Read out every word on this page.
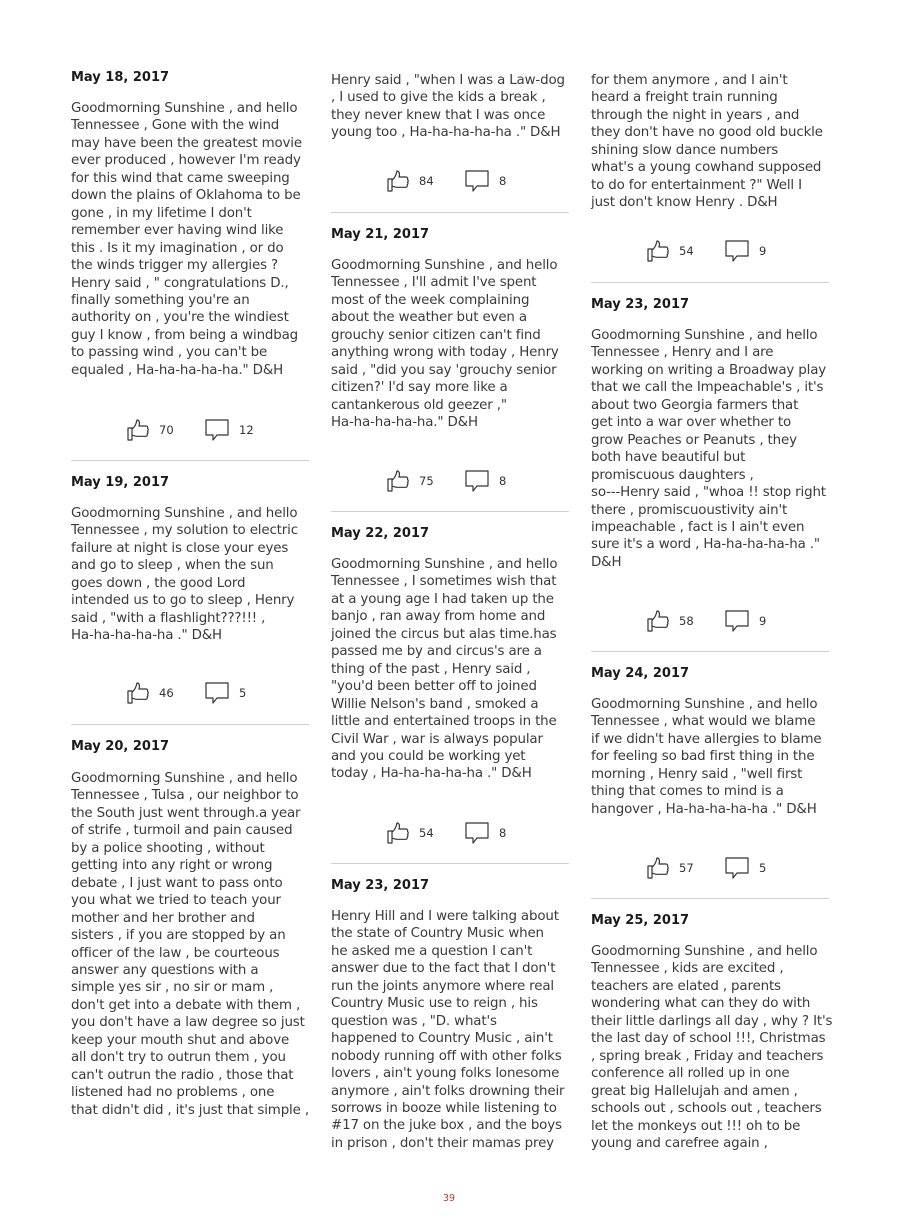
May 18, 2017
Goodmorning Sunshine , and hello
Tennessee , Gone with the wind
may have been the greatest movie
ever produced , however I'm ready
for this wind that came sweeping
down the plains of Oklahoma to be
gone , in my lifetime I don't
remember ever having wind like
this . Is it my imagination , or do
the winds trigger my allergies ?
Henry said , " congratulations D.,
finally something you're an
authority on , you're the windiest
guy I know , from being a windbag
to passing wind , you can't be
equaled , Ha-ha-ha-ha-ha." D&H
70	12
May 19, 2017
Goodmorning Sunshine , and hello
Tennessee , my solution to electric
failure at night is close your eyes
and go to sleep , when the sun
goes down , the good Lord
intended us to go to sleep , Henry
said , "with a flashlight???!!! ,
Ha-ha-ha-ha-ha ." D&H
46	5
May 20, 2017
Goodmorning Sunshine , and hello
Tennessee , Tulsa , our neighbor to
the South just went through.a year
of strife , turmoil and pain caused
by a police shooting , without
getting into any right or wrong
debate , I just want to pass onto
you what we tried to teach your
mother and her brother and
sisters , if you are stopped by an
officer of the law , be courteous
answer any questions with a
simple yes sir , no sir or mam ,
don't get into a debate with them ,
you don't have a law degree so just
keep your mouth shut and above
all don't try to outrun them , you
can't outrun the radio , those that
listened had no problems , one
that didn't did , it's just that simple ,
Henry said , "when I was a Law-dog
, I used to give the kids a break ,
they never knew that I was once
young too , Ha-ha-ha-ha-ha ." D&H
84	8
May 21, 2017
Goodmorning Sunshine , and hello
Tennessee , I'll admit I've spent
most of the week complaining
about the weather but even a
grouchy senior citizen can't find
anything wrong with today , Henry
said , "did you say 'grouchy senior
citizen?' I'd say more like a
cantankerous old geezer ,"
Ha-ha-ha-ha-ha." D&H
75	8
May 22, 2017
Goodmorning Sunshine , and hello
Tennessee , I sometimes wish that
at a young age I had taken up the
banjo , ran away from home and
joined the circus but alas time.has
passed me by and circus's are a
thing of the past , Henry said ,
"you'd been better off to joined
Willie Nelson's band , smoked a
little and entertained troops in the
Civil War , war is always popular
and you could be working yet
today , Ha-ha-ha-ha-ha ." D&H
54	8
May 23, 2017
Henry Hill and I were talking about
the state of Country Music when
he asked me a question I can't
answer due to the fact that I don't
run the joints anymore where real
Country Music use to reign , his
question was , "D. what's
happened to Country Music , ain't
nobody running off with other folks
lovers , ain't young folks lonesome
anymore , ain't folks drowning their
sorrows in booze while listening to
#17 on the juke box , and the boys
in prison , don't their mamas prey
for them anymore , and I ain't
heard a freight train running
through the night in years , and
they don't have no good old buckle
shining slow dance numbers
what's a young cowhand supposed
to do for entertainment ?" Well I
just don't know Henry . D&H
54	9
May 23, 2017
Goodmorning Sunshine , and hello
Tennessee , Henry and I are
working on writing a Broadway play
that we call the Impeachable's , it's
about two Georgia farmers that
get into a war over whether to
grow Peaches or Peanuts , they
both have beautiful but
promiscuous daughters ,
so---Henry said , "whoa !! stop right
there , promiscuoustivity ain't
impeachable , fact is I ain't even
sure it's a word , Ha-ha-ha-ha-ha ."
D&H
58	9
May 24, 2017
Goodmorning Sunshine , and hello
Tennessee , what would we blame
if we didn't have allergies to blame
for feeling so bad first thing in the
morning , Henry said , "well first
thing that comes to mind is a
hangover , Ha-ha-ha-ha-ha ." D&H
57	5
May 25, 2017
Goodmorning Sunshine , and hello
Tennessee , kids are excited ,
teachers are elated , parents
wondering what can they do with
their little darlings all day , why ? It's
the last day of school !!!, Christmas
, spring break , Friday and teachers
conference all rolled up in one
great big Hallelujah and amen ,
schools out , schools out , teachers
let the monkeys out !!! oh to be
young and carefree again ,
39
